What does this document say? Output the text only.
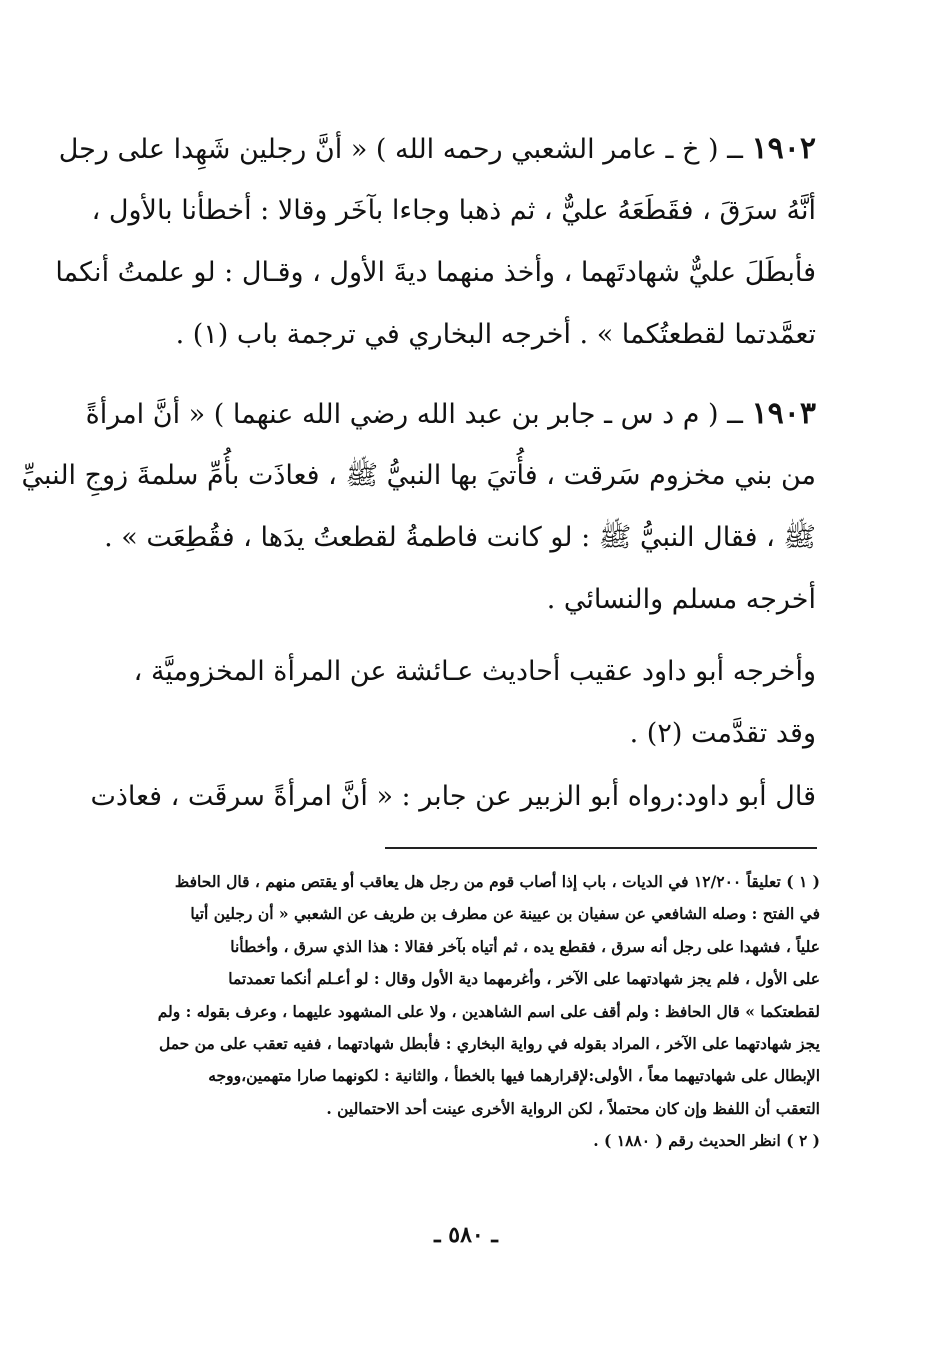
١٩٠٢ ــ ( خ ـ عامر الشعبي رحمه الله ) « أنَّ رجلين شَهِدا على رجل
أنَّهُ سرَقَ ، فقَطَعَهُ عليٌّ ، ثم ذهبا وجاءا بآخَر وقالا : أخطأنا بالأول ،
فأبطَلَ عليٌّ شهادتَهما ، وأخذ منهما ديةَ الأول ، وقـال : لو علمتُ أنكما
تعمَّدتما لقطعتُكما » . أخرجه البخاري في ترجمة باب (١) .
١٩٠٣ ــ ( م د س ـ جابر بن عبد الله رضي الله عنهما ) « أنَّ امرأةً
من بني مخزوم سَرقت ، فأُتيَ بها النبيُّ ﷺ ، فعاذَت بأُمِّ سلمةَ زوجِ النبيِّ
ﷺ ، فقال النبيُّ ﷺ : لو كانت فاطمةُ لقطعتُ يدَها ، فقُطِعَت » .
أخرجه مسلم والنسائي .
وأخرجه أبو داود عقيب أحاديث عـائشة عن المرأة المخزوميَّة ،
وقد تقدَّمت (٢) .
قال أبو داود:رواه أبو الزبير عن جابر : « أنَّ امرأةً سرقَت ، فعاذت
( ١ ) تعليقاً ١٢/٢٠٠ في الديات ، باب إذا أصاب قوم من رجل هل يعاقب أو يقتص منهم ، قال الحافظ
في الفتح : وصله الشافعي عن سفيان بن عيينة عن مطرف بن طريف عن الشعبي « أن رجلين أتيا
علياً ، فشهدا على رجل أنه سرق ، فقطع يده ، ثم أتياه بآخر فقالا : هذا الذي سرق ، وأخطأنا
على الأول ، فلم يجز شهادتهما على الآخر ، وأغرمهما دية الأول وقال : لو أعـلم أنكما تعمدتما
لقطعتكما » قال الحافظ : ولم أقف على اسم الشاهدين ، ولا على المشهود عليهما ، وعرف بقوله : ولم
يجز شهادتهما على الآخر ، المراد بقوله في رواية البخاري : فأبطل شهادتهما ، ففيه تعقب على من حمل
الإبطال على شهادتيهما معاً ، الأولى:لإقرارهما فيها بالخطأ ، والثانية : لكونهما صارا متهمين،ووجه
التعقب أن اللفظ وإن كان محتملاً ، لكن الرواية الأخرى عينت أحد الاحتمالين .
( ٢ ) انظر الحديث رقم ( ١٨٨٠ ) .
ـ ٥٨٠ ـ
